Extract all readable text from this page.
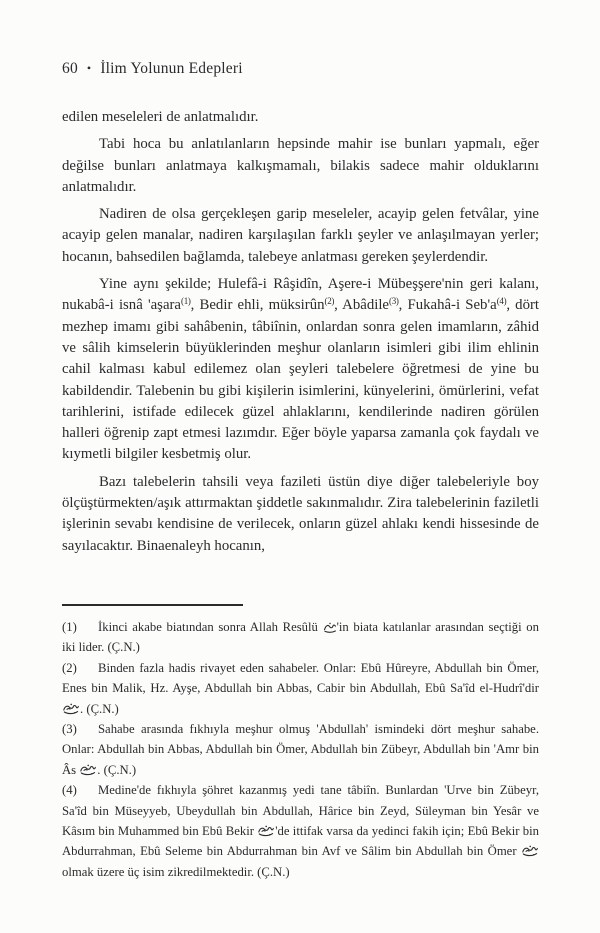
60 • İlim Yolunun Edepleri

edilen meseleleri de anlatmalıdır.

Tabi hoca bu anlatılanların hepsinde mahir ise bunları yapmalı, eğer değilse bunları anlatmaya kalkışmamalı, bilakis sadece mahir olduklarını anlatmalıdır.

Nadiren de olsa gerçekleşen garip meseleler, acayip gelen fetvâlar, yine acayip gelen manalar, nadiren karşılaşılan farklı şeyler ve anlaşılmayan yerler; hocanın, bahsedilen bağlamda, talebeye anlatması gereken şeylerdendir.

Yine aynı şekilde; Hulefâ-i Râşidîn, Aşere-i Mübeşşere'nin geri kalanı, nukabâ-i isnâ 'aşara$^{(1)}$, Bedir ehli, müksirûn$^{(2)}$, Abâdile$^{(3)}$, Fukahâ-i Seb'a$^{(4)}$, dört mezhep imamı gibi sahâbenin, tâbiînin, onlardan sonra gelen imamların, zâhid ve sâlih kimselerin büyüklerinden meşhur olanların isimleri gibi ilim ehlinin cahil kalması kabul edilemez olan şeyleri talebelere öğretmesi de yine bu kabildendir. Talebenin bu gibi kişilerin isimlerini, künyelerini, ömürlerini, vefat tarihlerini, istifade edilecek güzel ahlaklarını, kendilerinde nadiren görülen halleri öğrenip zapt etmesi lazımdır. Eğer böyle yaparsa zamanla çok faydalı ve kıymetli bilgiler kesbetmiş olur.

Bazı talebelerin tahsili veya fazileti üstün diye diğer talebeleriyle boy ölçüştürmekten/aşık attırmaktan şiddetle sakınmalıdır. Zira talebelerinin faziletli işlerinin sevabı kendisine de verilecek, onların güzel ahlakı kendi hissesinde de sayılacaktır. Binaenaleyh hocanın,

(1) İkinci akabe biatından sonra Allah Resûlü 'in biata katılanlar arasından seçtiği on iki lider. (Ç.N.)

(2) Binden fazla hadis rivayet eden sahabeler. Onlar: Ebû Hûreyre, Abdullah bin Ömer, Enes bin Malik, Hz. Ayşe, Abdullah bin Abbas, Cabir bin Abdullah, Ebû Sa'îd el-Hudrî'dir . (Ç.N.)

(3) Sahabe arasında fıkhıyla meşhur olmuş 'Abdullah' ismindeki dört meşhur sahabe. Onlar: Abdullah bin Abbas, Abdullah bin Ömer, Abdullah bin Zübeyr, Abdullah bin 'Amr bin Âs . (Ç.N.)

(4) Medine'de fıkhıyla şöhret kazanmış yedi tane tâbiîn. Bunlardan 'Urve bin Zübeyr, Sa'îd bin Müseyyeb, Ubeydullah bin Abdullah, Hârice bin Zeyd, Süleyman bin Yesâr ve Kâsım bin Muhammed bin Ebû Bekir 'de ittifak varsa da yedinci fakih için; Ebû Bekir bin Abdurrahman, Ebû Seleme bin Abdurrahman bin Avf ve Sâlim bin Abdullah bin Ömer  olmak üzere üç isim zikredilmektedir. (Ç.N.)
